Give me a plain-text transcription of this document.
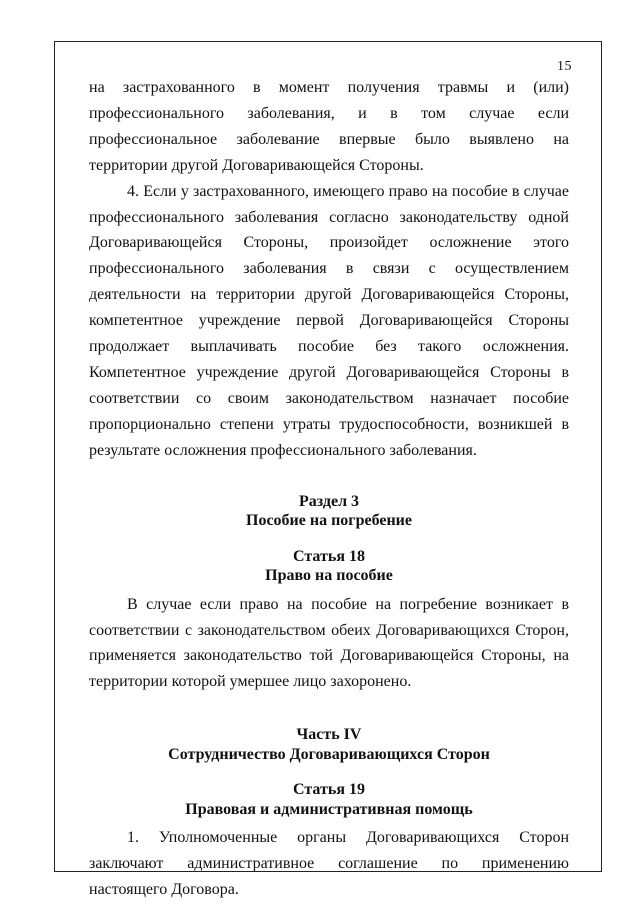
15

на застрахованного в момент получения травмы и (или) профессионального заболевания, и в том случае если профессиональное заболевание впервые было выявлено на территории другой Договаривающейся Стороны.

4. Если у застрахованного, имеющего право на пособие в случае профессионального заболевания согласно законодательству одной Договаривающейся Стороны, произойдет осложнение этого профессионального заболевания в связи с осуществлением деятельности на территории другой Договаривающейся Стороны, компетентное учреждение первой Договаривающейся Стороны продолжает выплачивать пособие без такого осложнения. Компетентное учреждение другой Договаривающейся Стороны в соответствии со своим законодательством назначает пособие пропорционально степени утраты трудоспособности, возникшей в результате осложнения профессионального заболевания.

Раздел 3

Пособие на погребение

Статья 18

Право на пособие

В случае если право на пособие на погребение возникает в соответствии с законодательством обеих Договаривающихся Сторон, применяется законодательство той Договаривающейся Стороны, на территории которой умершее лицо захоронено.

Часть IV

Сотрудничество Договаривающихся Сторон

Статья 19

Правовая и административная помощь

1. Уполномоченные органы Договаривающихся Сторон заключают административное соглашение по применению настоящего Договора.
